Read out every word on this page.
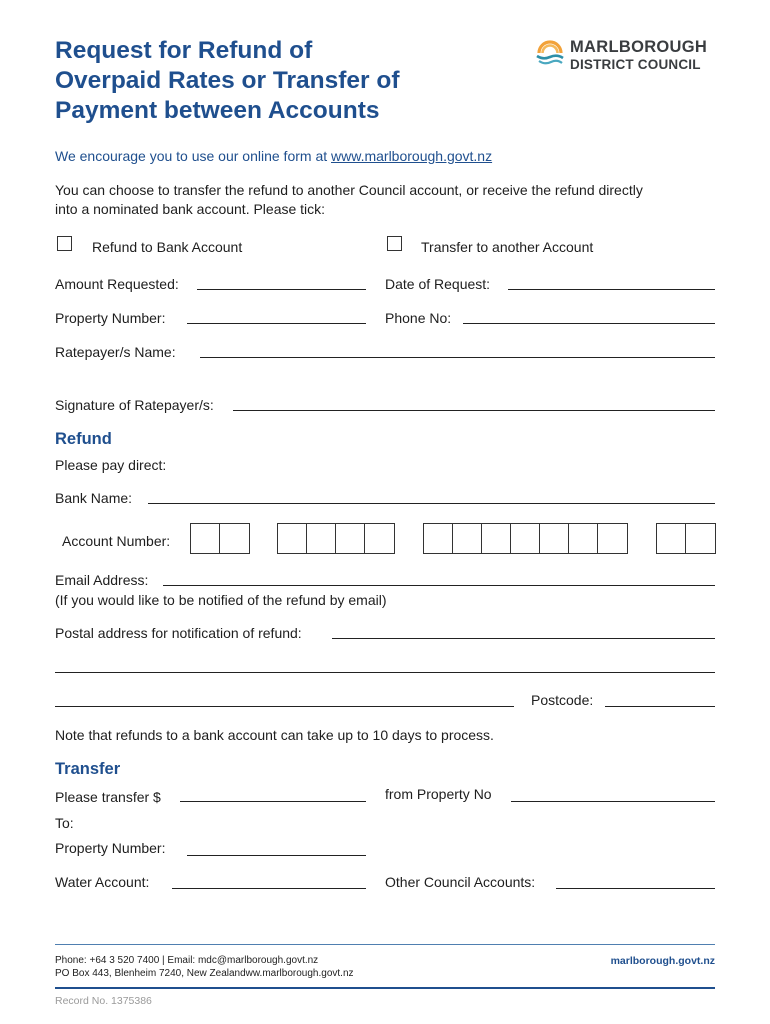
Request for Refund of
Overpaid Rates or Transfer of
Payment between Accounts
MARLBOROUGH
DISTRICT COUNCIL
We encourage you to use our online form at www.marlborough.govt.nz
You can choose to transfer the refund to another Council account, or receive the refund directly
into a nominated bank account. Please tick:
Refund to Bank Account	Transfer to another Account
Amount Requested:	Date of Request:
Property Number:	Phone No:
Ratepayer/s Name:
Signature of Ratepayer/s:
Refund
Please pay direct:
Bank Name:
Account Number:
Email Address:
(If you would like to be notified of the refund by email)
Postal address for notification of refund:
Postcode:
Note that refunds to a bank account can take up to 10 days to process.
Transfer
Please transfer $	from Property No
To:
Property Number:
Water Account:	Other Council Accounts:
Phone: +64 3 520 7400 | Email: mdc@marlborough.govt.nz
PO Box 443, Blenheim 7240, New Zealandww.marlborough.govt.nz
marlborough.govt.nz
Record No. 1375386
